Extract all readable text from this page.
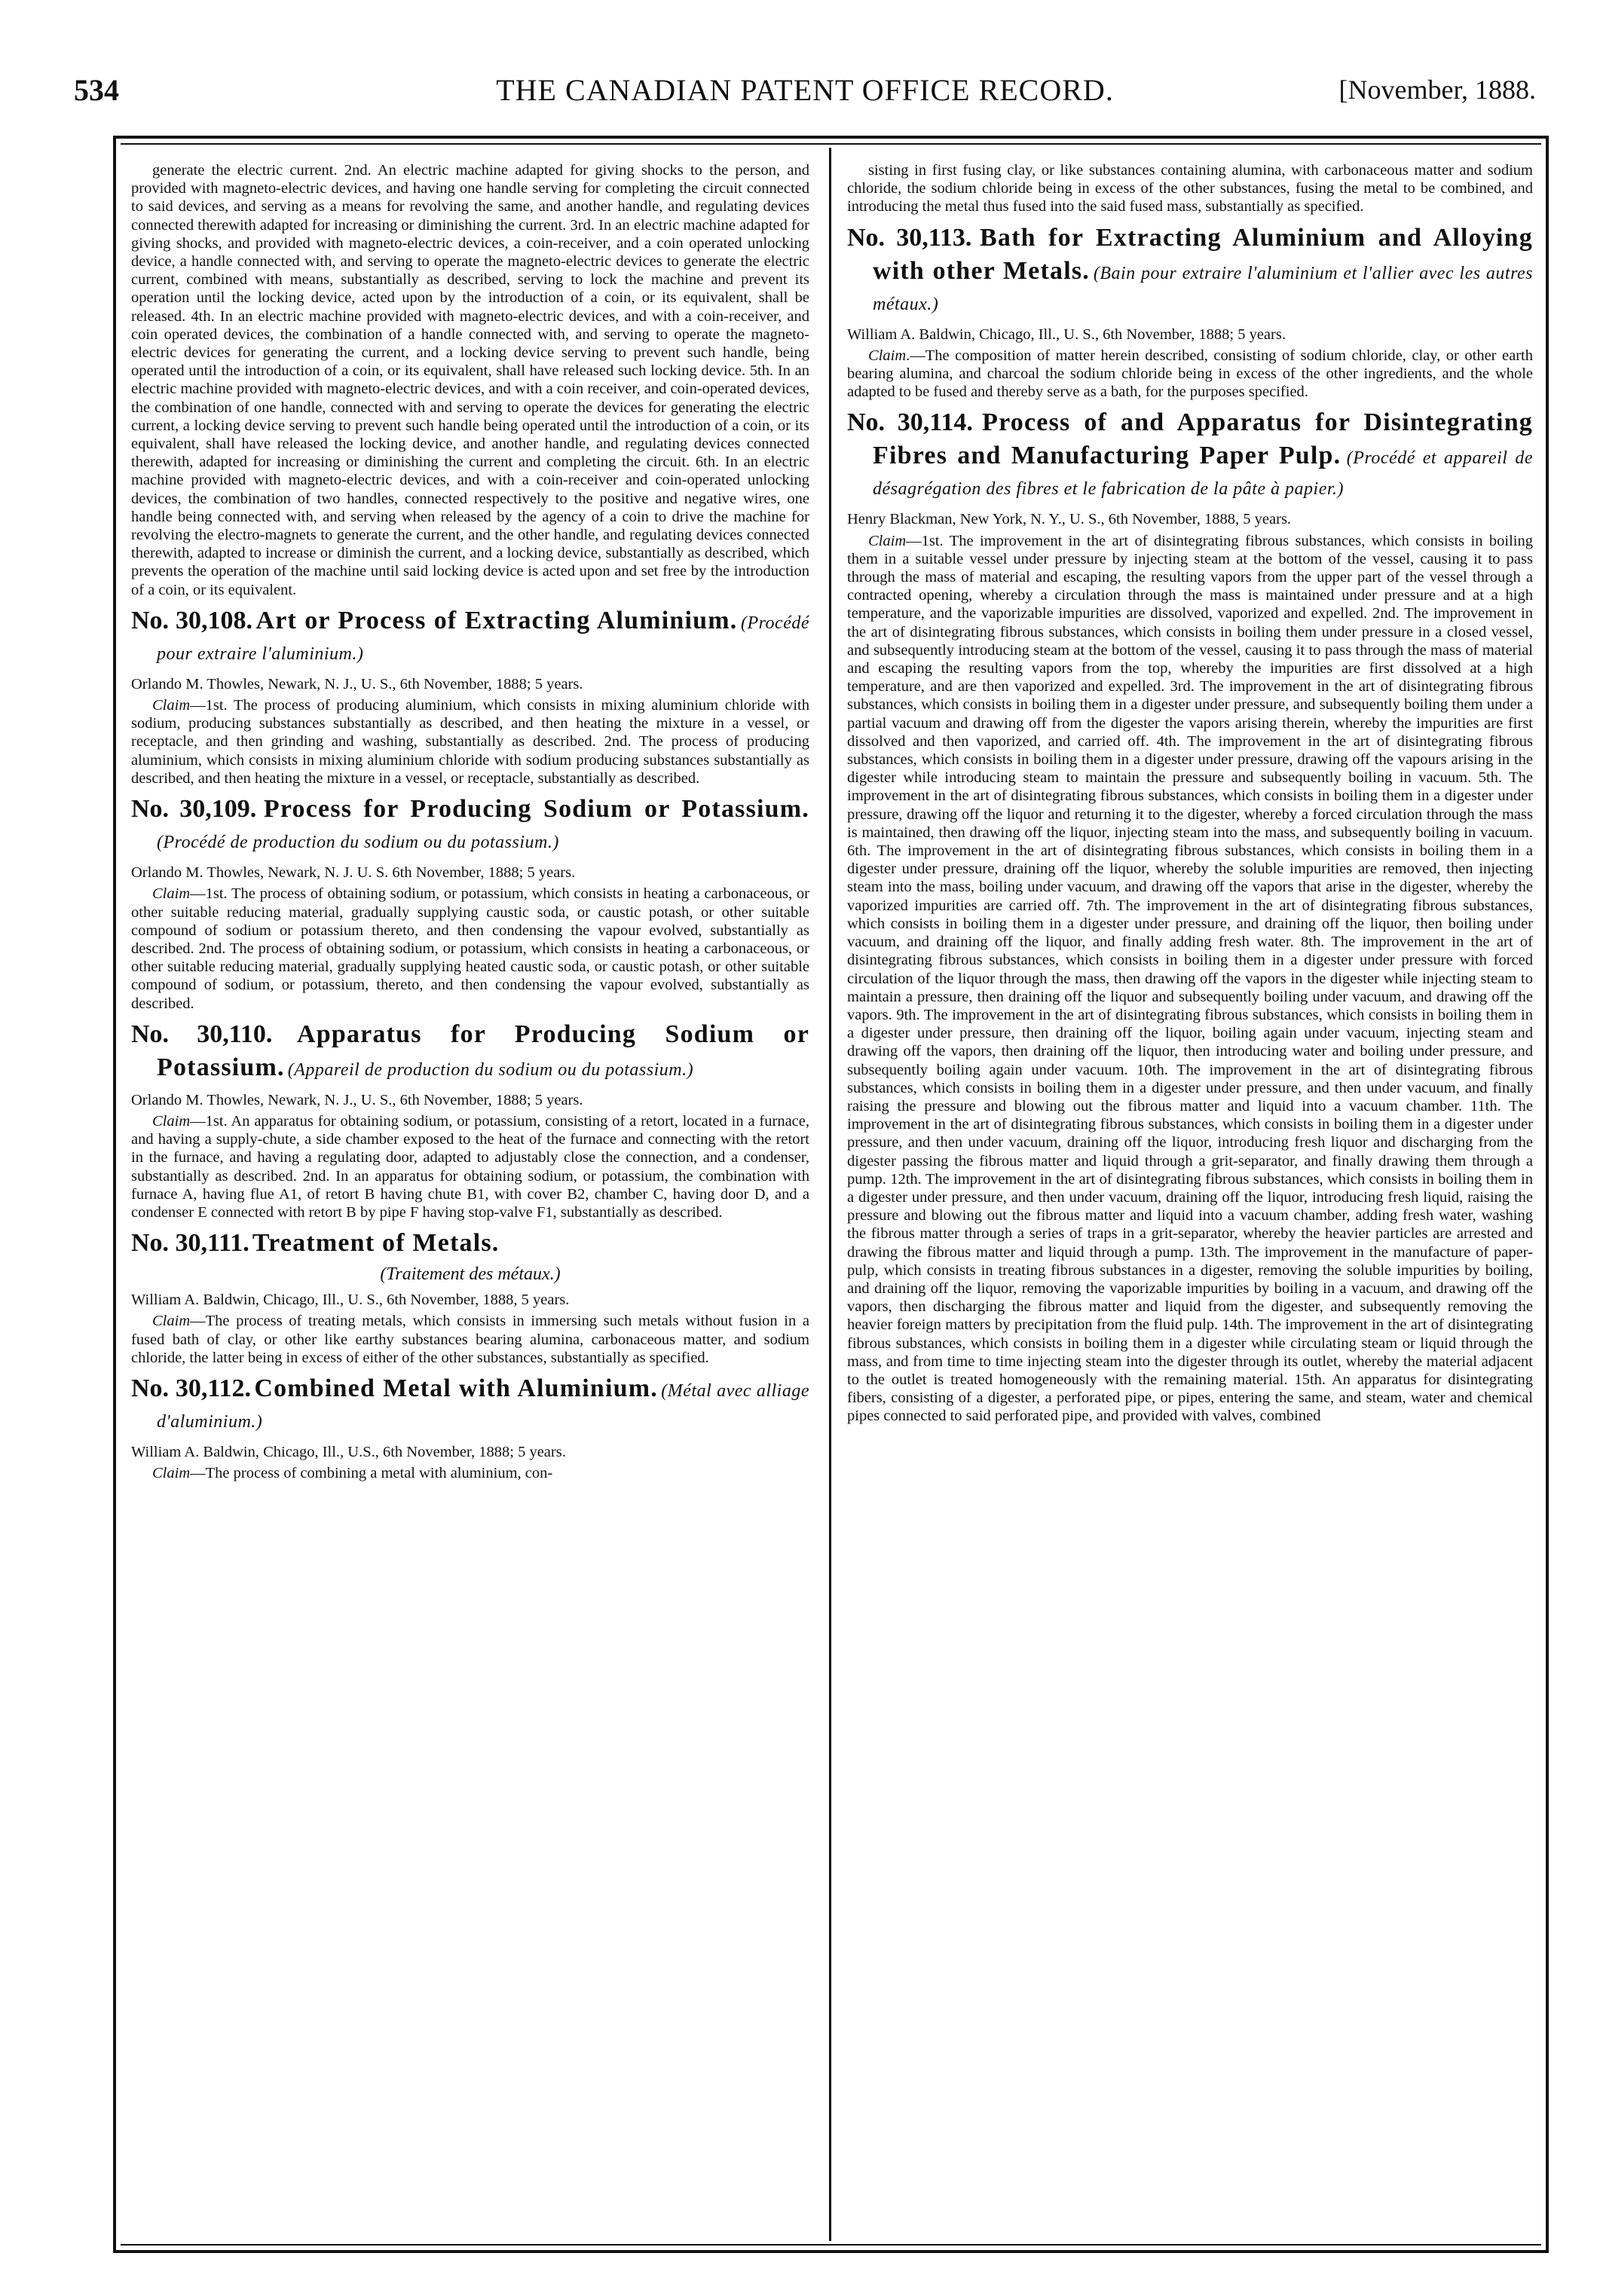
534	THE CANADIAN PATENT OFFICE RECORD.	[November, 1888.

generate the electric current. 2nd. An electric machine adapted for giving shocks to the person, and provided with magneto-electric devices, and having one handle serving for completing the circuit connected to said devices, and serving as a means for revolving the same, and another handle, and regulating devices connected therewith adapted for increasing or diminishing the current. 3rd. In an electric machine adapted for giving shocks, and provided with magneto-electric devices, a coin-receiver, and a coin operated unlocking device, a handle connected with, and serving to operate the magneto-electric devices to generate the electric current, combined with means, substantially as described, serving to lock the machine and prevent its operation until the locking device, acted upon by the introduction of a coin, or its equivalent, shall be released. 4th. In an electric machine provided with magneto-electric devices, and with a coin-receiver, and coin operated devices, the combination of a handle connected with, and serving to operate the magneto-electric devices for generating the current, and a locking device serving to prevent such handle, being operated until the introduction of a coin, or its equivalent, shall have released such locking device. 5th. In an electric machine provided with magneto-electric devices, and with a coin receiver, and coin-operated devices, the combination of one handle, connected with and serving to operate the devices for generating the electric current, a locking device serving to prevent such handle being operated until the introduction of a coin, or its equivalent, shall have released the locking device, and another handle, and regulating devices connected therewith, adapted for increasing or diminishing the current and completing the circuit. 6th. In an electric machine provided with magneto-electric devices, and with a coin-receiver and coin-operated unlocking devices, the combination of two handles, connected respectively to the positive and negative wires, one handle being connected with, and serving when released by the agency of a coin to drive the machine for revolving the electro-magnets to generate the current, and the other handle, and regulating devices connected therewith, adapted to increase or diminish the current, and a locking device, substantially as described, which prevents the operation of the machine until said locking device is acted upon and set free by the introduction of a coin, or its equivalent.

No. 30,108. Art or Process of Extracting Aluminium. (Procédé pour extraire l'aluminium.)

Orlando M. Thowles, Newark, N. J., U. S., 6th November, 1888; 5 years.

Claim—1st. The process of producing aluminium, which consists in mixing aluminium chloride with sodium, producing substances substantially as described, and then heating the mixture in a vessel, or receptacle, and then grinding and washing, substantially as described. 2nd. The process of producing aluminium, which consists in mixing aluminium chloride with sodium producing substances substantially as described, and then heating the mixture in a vessel, or receptacle, substantially as described.

No. 30,109. Process for Producing Sodium or Potassium. (Procédé de production du sodium ou du potassium.)

Orlando M. Thowles, Newark, N. J. U. S. 6th November, 1888; 5 years.

Claim—1st. The process of obtaining sodium, or potassium, which consists in heating a carbonaceous, or other suitable reducing material, gradually supplying caustic soda, or caustic potash, or other suitable compound of sodium or potassium thereto, and then condensing the vapour evolved, substantially as described. 2nd. The process of obtaining sodium, or potassium, which consists in heating a carbonaceous, or other suitable reducing material, gradually supplying heated caustic soda, or caustic potash, or other suitable compound of sodium, or potassium, thereto, and then condensing the vapour evolved, substantially as described.

No. 30,110. Apparatus for Producing Sodium or Potassium. (Appareil de production du sodium ou du potassium.)

Orlando M. Thowles, Newark, N. J., U. S., 6th November, 1888; 5 years.

Claim—1st. An apparatus for obtaining sodium, or potassium, consisting of a retort, located in a furnace, and having a supply-chute, a side chamber exposed to the heat of the furnace and connecting with the retort in the furnace, and having a regulating door, adapted to adjustably close the connection, and a condenser, substantially as described. 2nd. In an apparatus for obtaining sodium, or potassium, the combination with furnace A, having flue A1, of retort B having chute B1, with cover B2, chamber C, having door D, and a condenser E connected with retort B by pipe F having stop-valve F1, substantially as described.

No. 30,111. Treatment of Metals.

(Traitement des métaux.)

William A. Baldwin, Chicago, Ill., U. S., 6th November, 1888, 5 years.

Claim—The process of treating metals, which consists in immersing such metals without fusion in a fused bath of clay, or other like earthy substances bearing alumina, carbonaceous matter, and sodium chloride, the latter being in excess of either of the other substances, substantially as specified.

No. 30,112. Combined Metal with Aluminium. (Métal avec alliage d'aluminium.)

William A. Baldwin, Chicago, Ill., U.S., 6th November, 1888; 5 years.

Claim—The process of combining a metal with aluminium, con-

sisting in first fusing clay, or like substances containing alumina, with carbonaceous matter and sodium chloride, the sodium chloride being in excess of the other substances, fusing the metal to be combined, and introducing the metal thus fused into the said fused mass, substantially as specified.

No. 30,113. Bath for Extracting Aluminium and Alloying with other Metals. (Bain pour extraire l'aluminium et l'allier avec les autres métaux.)

William A. Baldwin, Chicago, Ill., U. S., 6th November, 1888; 5 years.

Claim.—The composition of matter herein described, consisting of sodium chloride, clay, or other earth bearing alumina, and charcoal the sodium chloride being in excess of the other ingredients, and the whole adapted to be fused and thereby serve as a bath, for the purposes specified.

No. 30,114. Process of and Apparatus for Disintegrating Fibres and Manufacturing Paper Pulp. (Procédé et appareil de désagrégation des fibres et le fabrication de la pâte à papier.)

Henry Blackman, New York, N. Y., U. S., 6th November, 1888, 5 years.

Claim—1st. The improvement in the art of disintegrating fibrous substances, which consists in boiling them in a suitable vessel under pressure by injecting steam at the bottom of the vessel, causing it to pass through the mass of material and escaping, the resulting vapors from the upper part of the vessel through a contracted opening, whereby a circulation through the mass is maintained under pressure and at a high temperature, and the vaporizable impurities are dissolved, vaporized and expelled. 2nd. The improvement in the art of disintegrating fibrous substances, which consists in boiling them under pressure in a closed vessel, and subsequently introducing steam at the bottom of the vessel, causing it to pass through the mass of material and escaping the resulting vapors from the top, whereby the impurities are first dissolved at a high temperature, and are then vaporized and expelled. 3rd. The improvement in the art of disintegrating fibrous substances, which consists in boiling them in a digester under pressure, and subsequently boiling them under a partial vacuum and drawing off from the digester the vapors arising therein, whereby the impurities are first dissolved and then vaporized, and carried off. 4th. The improvement in the art of disintegrating fibrous substances, which consists in boiling them in a digester under pressure, drawing off the vapours arising in the digester while introducing steam to maintain the pressure and subsequently boiling in vacuum. 5th. The improvement in the art of disintegrating fibrous substances, which consists in boiling them in a digester under pressure, drawing off the liquor and returning it to the digester, whereby a forced circulation through the mass is maintained, then drawing off the liquor, injecting steam into the mass, and subsequently boiling in vacuum. 6th. The improvement in the art of disintegrating fibrous substances, which consists in boiling them in a digester under pressure, draining off the liquor, whereby the soluble impurities are removed, then injecting steam into the mass, boiling under vacuum, and drawing off the vapors that arise in the digester, whereby the vaporized impurities are carried off. 7th. The improvement in the art of disintegrating fibrous substances, which consists in boiling them in a digester under pressure, and draining off the liquor, then boiling under vacuum, and draining off the liquor, and finally adding fresh water. 8th. The improvement in the art of disintegrating fibrous substances, which consists in boiling them in a digester under pressure with forced circulation of the liquor through the mass, then drawing off the vapors in the digester while injecting steam to maintain a pressure, then draining off the liquor and subsequently boiling under vacuum, and drawing off the vapors. 9th. The improvement in the art of disintegrating fibrous substances, which consists in boiling them in a digester under pressure, then draining off the liquor, boiling again under vacuum, injecting steam and drawing off the vapors, then draining off the liquor, then introducing water and boiling under pressure, and subsequently boiling again under vacuum. 10th. The improvement in the art of disintegrating fibrous substances, which consists in boiling them in a digester under pressure, and then under vacuum, and finally raising the pressure and blowing out the fibrous matter and liquid into a vacuum chamber. 11th. The improvement in the art of disintegrating fibrous substances, which consists in boiling them in a digester under pressure, and then under vacuum, draining off the liquor, introducing fresh liquor and discharging from the digester passing the fibrous matter and liquid through a grit-separator, and finally drawing them through a pump. 12th. The improvement in the art of disintegrating fibrous substances, which consists in boiling them in a digester under pressure, and then under vacuum, draining off the liquor, introducing fresh liquid, raising the pressure and blowing out the fibrous matter and liquid into a vacuum chamber, adding fresh water, washing the fibrous matter through a series of traps in a grit-separator, whereby the heavier particles are arrested and drawing the fibrous matter and liquid through a pump. 13th. The improvement in the manufacture of paper-pulp, which consists in treating fibrous substances in a digester, removing the soluble impurities by boiling, and draining off the liquor, removing the vaporizable impurities by boiling in a vacuum, and drawing off the vapors, then discharging the fibrous matter and liquid from the digester, and subsequently removing the heavier foreign matters by precipitation from the fluid pulp. 14th. The improvement in the art of disintegrating fibrous substances, which consists in boiling them in a digester while circulating steam or liquid through the mass, and from time to time injecting steam into the digester through its outlet, whereby the material adjacent to the outlet is treated homogeneously with the remaining material. 15th. An apparatus for disintegrating fibers, consisting of a digester, a perforated pipe, or pipes, entering the same, and steam, water and chemical pipes connected to said perforated pipe, and provided with valves, combined
